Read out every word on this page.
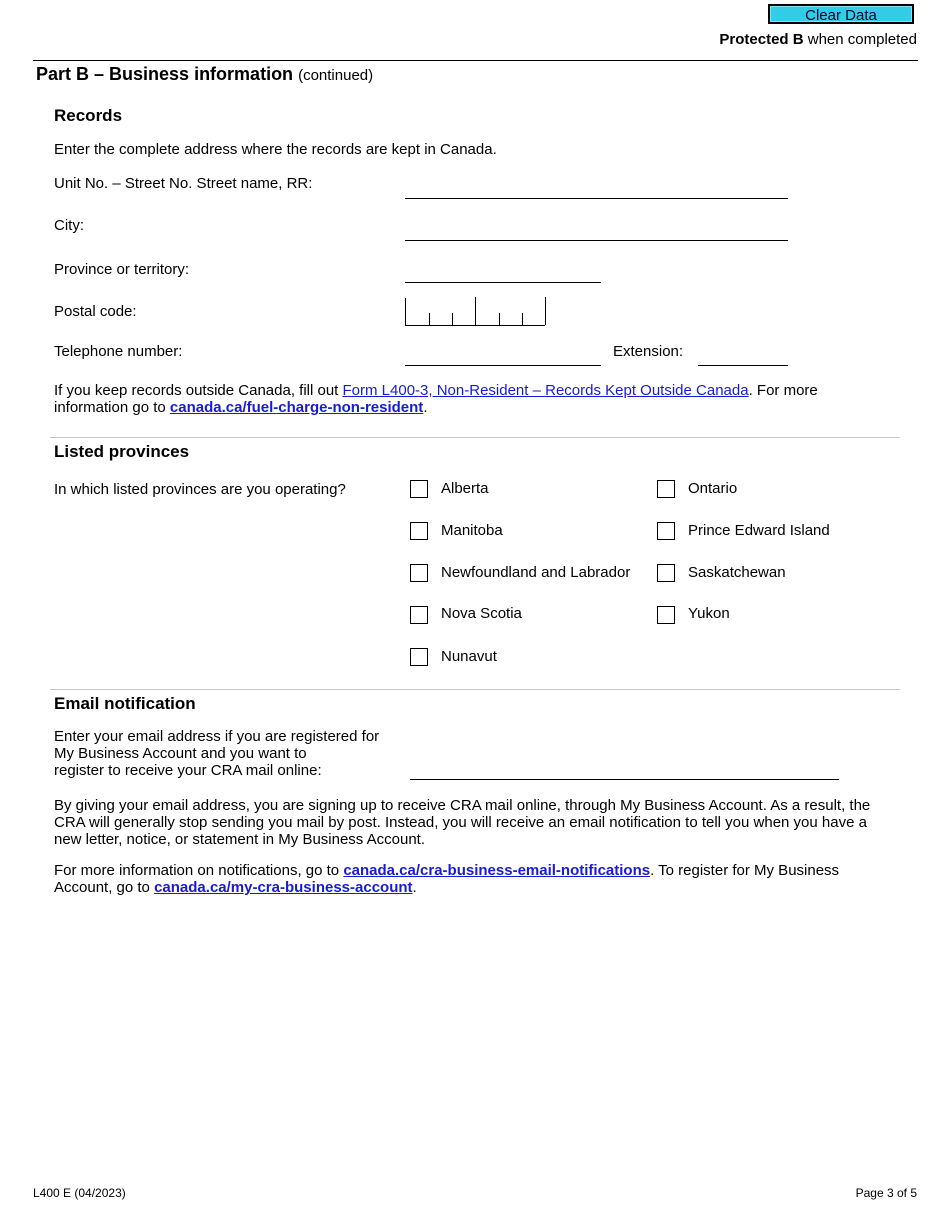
Clear Data
Protected B when completed
Part B – Business information (continued)
Records
Enter the complete address where the records are kept in Canada.
Unit No. – Street No. Street name, RR:
City:
Province or territory:
Postal code:
Telephone number:	Extension:
If you keep records outside Canada, fill out Form L400-3, Non-Resident – Records Kept Outside Canada. For more information go to canada.ca/fuel-charge-non-resident.
Listed provinces
In which listed provinces are you operating?	Alberta
Manitoba
Newfoundland and Labrador
Nova Scotia
Nunavut
Ontario
Prince Edward Island
Saskatchewan
Yukon
Email notification
Enter your email address if you are registered for
My Business Account and you want to
register to receive your CRA mail online:
By giving your email address, you are signing up to receive CRA mail online, through My Business Account. As a result, the CRA will generally stop sending you mail by post. Instead, you will receive an email notification to tell you when you have a new letter, notice, or statement in My Business Account.
For more information on notifications, go to canada.ca/cra-business-email-notifications. To register for My Business Account, go to canada.ca/my-cra-business-account.
L400 E (04/2023)	Page 3 of 5
